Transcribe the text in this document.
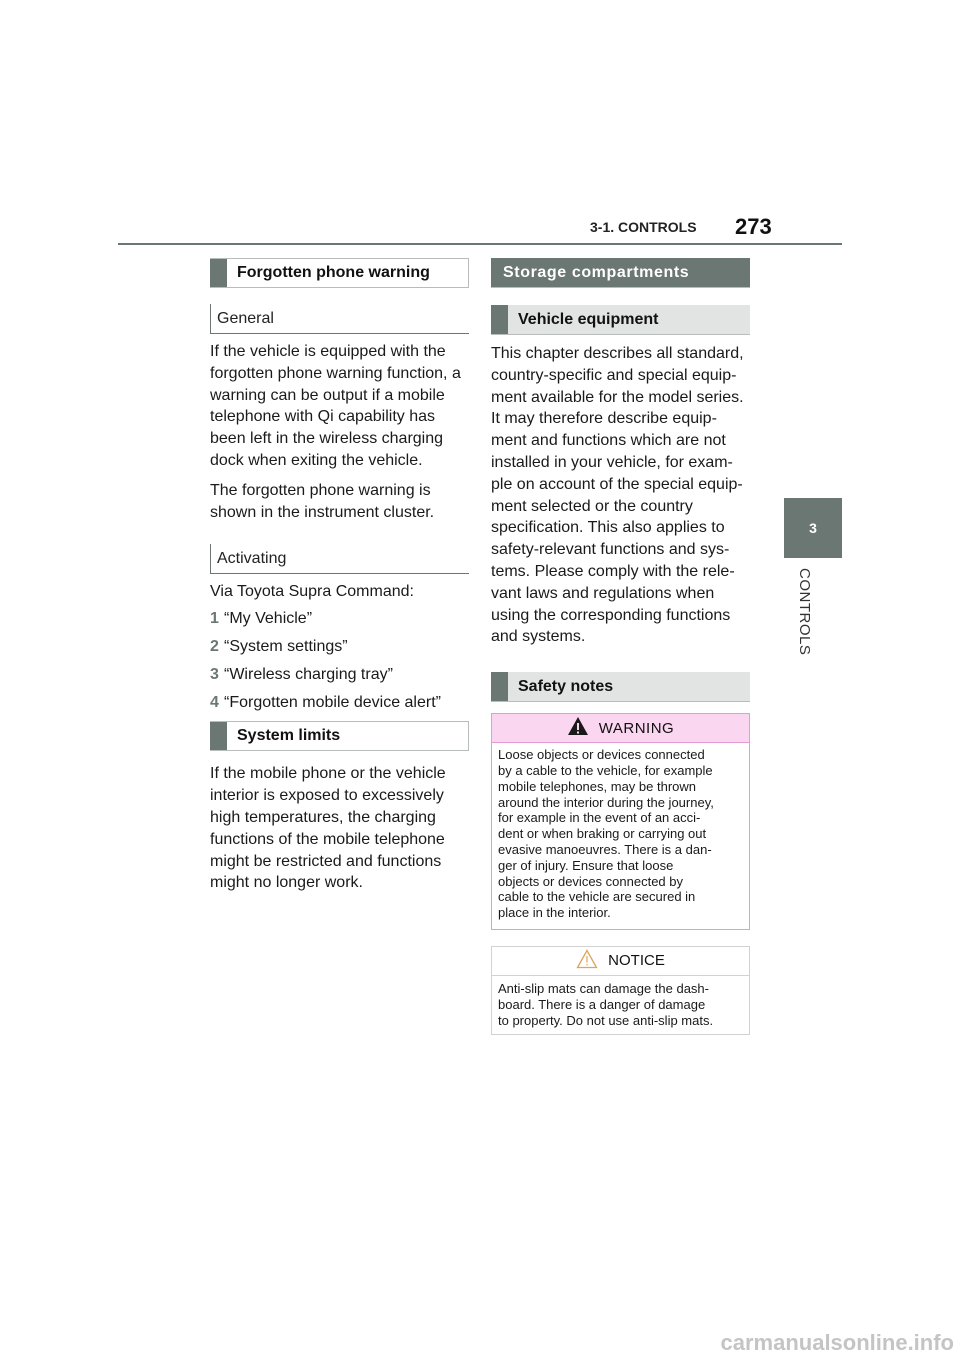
3-1. CONTROLS 273
3
CONTROLS
Forgotten phone warning
General

If the vehicle is equipped with the
forgotten phone warning function, a
warning can be output if a mobile
telephone with Qi capability has
been left in the wireless charging
dock when exiting the vehicle.

The forgotten phone warning is
shown in the instrument cluster.

Activating

Via Toyota Supra Command:

1 “My Vehicle”
2 “System settings”
3 “Wireless charging tray”
4 “Forgotten mobile device alert”
System limits

If the mobile phone or the vehicle
interior is exposed to excessively
high temperatures, the charging
functions of the mobile telephone
might be restricted and functions
might no longer work.

Storage compartments
Vehicle equipment

This chapter describes all standard,
country-specific and special equip-
ment available for the model series.
It may therefore describe equip-
ment and functions which are not
installed in your vehicle, for exam-
ple on account of the special equip-
ment selected or the country
specification. This also applies to
safety-relevant functions and sys-
tems. Please comply with the rele-
vant laws and regulations when
using the corresponding functions
and systems.

Safety notes
WARNING
Loose objects or devices connected
by a cable to the vehicle, for example
mobile telephones, may be thrown
around the interior during the journey,
for example in the event of an acci-
dent or when braking or carrying out
evasive manoeuvres. There is a dan-
ger of injury. Ensure that loose
objects or devices connected by
cable to the vehicle are secured in
place in the interior.
NOTICE
Anti-slip mats can damage the dash-
board. There is a danger of damage
to property. Do not use anti-slip mats.
carmanualsonline.info
